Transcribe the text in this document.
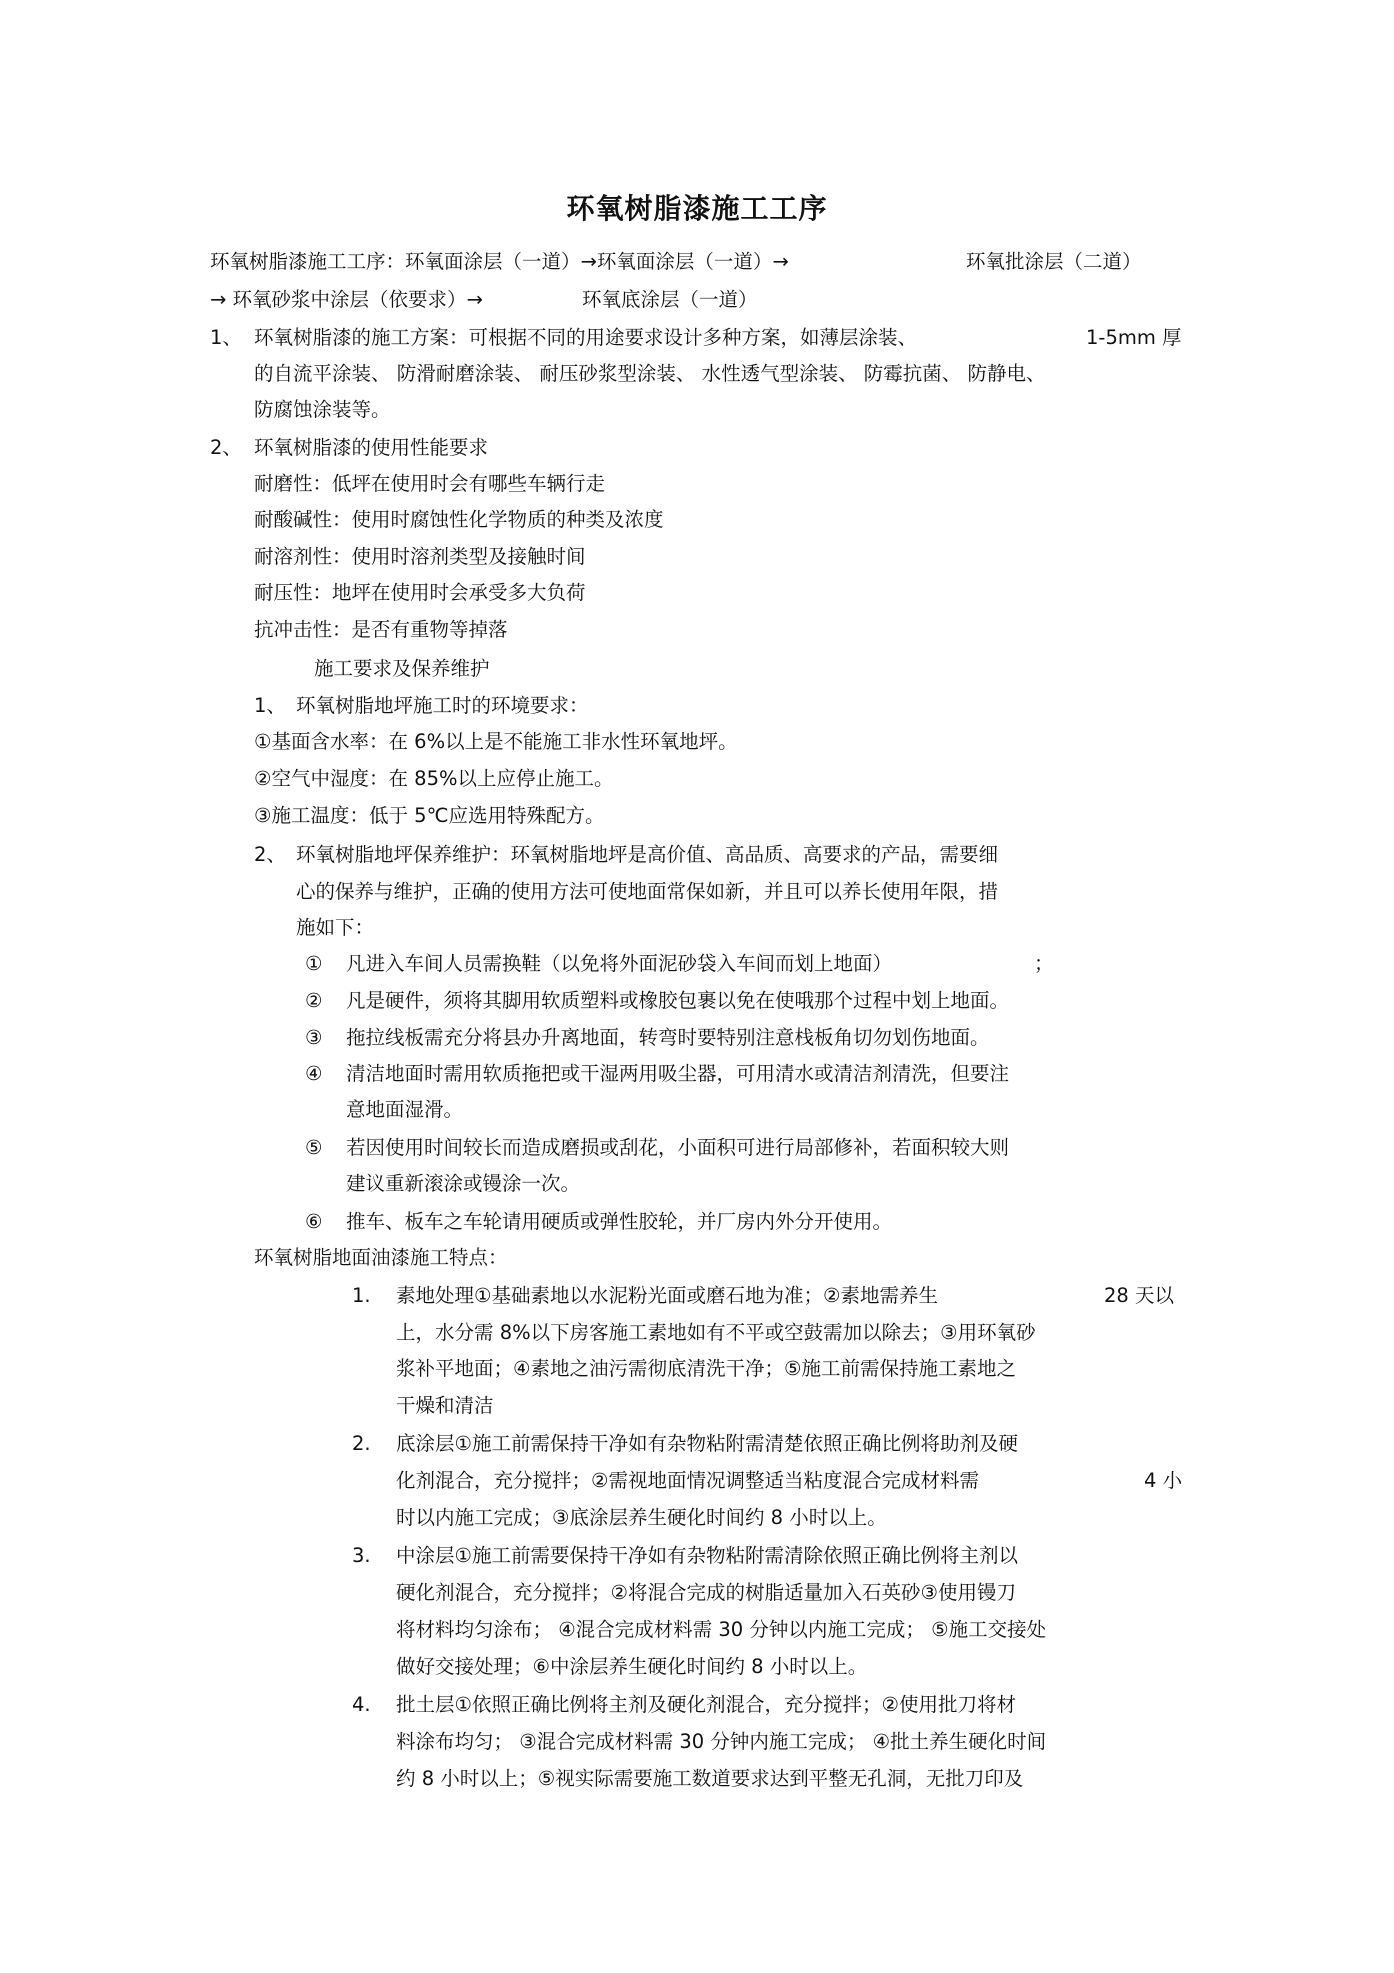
环氧树脂漆施工工序
环氧树脂漆施工工序：环氧面涂层（一道）→环氧面涂层（一道）→	环氧批涂层（二道）
→ 环氧砂浆中涂层（依要求）→	环氧底涂层（一道）
1、 环氧树脂漆的施工方案：可根据不同的用途要求设计多种方案，如薄层涂装、	1-5mm 厚
的自流平涂装、 防滑耐磨涂装、 耐压砂浆型涂装、 水性透气型涂装、 防霉抗菌、 防静电、
防腐蚀涂装等。
2、 环氧树脂漆的使用性能要求
耐磨性：低坪在使用时会有哪些车辆行走
耐酸碱性：使用时腐蚀性化学物质的种类及浓度
耐溶剂性：使用时溶剂类型及接触时间
耐压性：地坪在使用时会承受多大负荷
抗冲击性：是否有重物等掉落
施工要求及保养维护
1、 环氧树脂地坪施工时的环境要求：
①基面含水率：在 6%以上是不能施工非水性环氧地坪。
②空气中湿度：在 85%以上应停止施工。
③施工温度：低于 5℃应选用特殊配方。
2、 环氧树脂地坪保养维护：环氧树脂地坪是高价值、高品质、高要求的产品，需要细
心的保养与维护，正确的使用方法可使地面常保如新，并且可以养长使用年限，措
施如下：
① 凡进入车间人员需换鞋（以免将外面泥砂袋入车间而划上地面）	；
② 凡是硬件，须将其脚用软质塑料或橡胶包裹以免在使哦那个过程中划上地面。
③ 拖拉线板需充分将县办升离地面，转弯时要特别注意栈板角切勿划伤地面。
④ 清洁地面时需用软质拖把或干湿两用吸尘器，可用清水或清洁剂清洗，但要注
意地面湿滑。
⑤ 若因使用时间较长而造成磨损或刮花，小面积可进行局部修补，若面积较大则
建议重新滚涂或镘涂一次。
⑥ 推车、板车之车轮请用硬质或弹性胶轮，并厂房内外分开使用。
环氧树脂地面油漆施工特点：
1. 素地处理①基础素地以水泥粉光面或磨石地为准；②素地需养生	28 天以
上，水分需 8%以下房客施工素地如有不平或空鼓需加以除去；③用环氧砂
浆补平地面；④素地之油污需彻底清洗干净；⑤施工前需保持施工素地之
干燥和清洁
2. 底涂层①施工前需保持干净如有杂物粘附需清楚依照正确比例将助剂及硬
化剂混合，充分搅拌；②需视地面情况调整适当粘度混合完成材料需	4 小
时以内施工完成；③底涂层养生硬化时间约 8 小时以上。
3. 中涂层①施工前需要保持干净如有杂物粘附需清除依照正确比例将主剂以
硬化剂混合，充分搅拌；②将混合完成的树脂适量加入石英砂③使用镘刀
将材料均匀涂布； ④混合完成材料需 30 分钟以内施工完成； ⑤施工交接处
做好交接处理；⑥中涂层养生硬化时间约 8 小时以上。
4. 批土层①依照正确比例将主剂及硬化剂混合，充分搅拌；②使用批刀将材
料涂布均匀； ③混合完成材料需 30 分钟内施工完成； ④批土养生硬化时间
约 8 小时以上；⑤视实际需要施工数道要求达到平整无孔洞，无批刀印及
